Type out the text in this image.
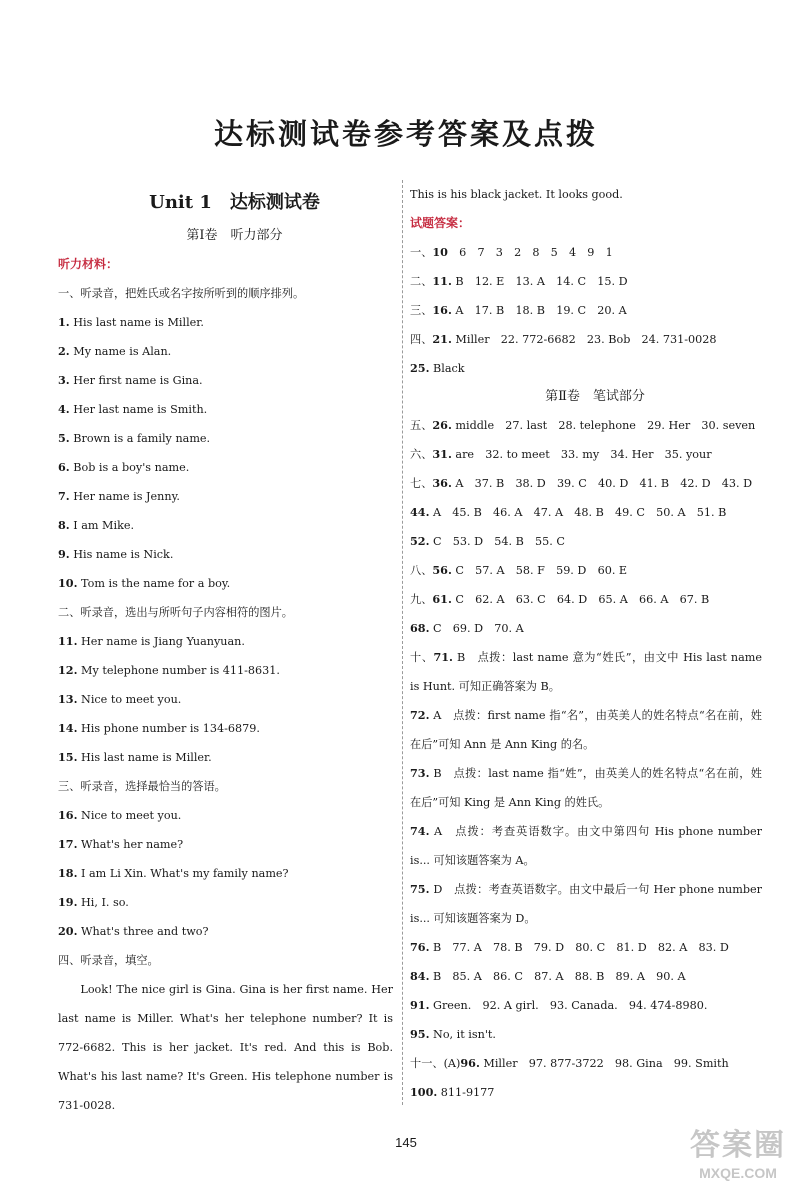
达标测试卷参考答案及点拨
Unit 1　达标测试卷
第Ⅰ卷　听力部分
听力材料：
一、听录音，把姓氏或名字按所听到的顺序排列。
1. His last name is Miller.
2. My name is Alan.
3. Her first name is Gina.
4. Her last name is Smith.
5. Brown is a family name.
6. Bob is a boy's name.
7. Her name is Jenny.
8. I am Mike.
9. His name is Nick.
10. Tom is the name for a boy.
二、听录音，选出与所听句子内容相符的图片。
11. Her name is Jiang Yuanyuan.
12. My telephone number is 411-8631.
13. Nice to meet you.
14. His phone number is 134-6879.
15. His last name is Miller.
三、听录音，选择最恰当的答语。
16. Nice to meet you.
17. What's her name?
18. I am Li Xin. What's my family name?
19. Hi, I. so.
20. What's three and two?
四、听录音，填空。
Look! The nice girl is Gina. Gina is her first name. Her last name is Miller. What's her telephone number? It is 772-6682. This is her jacket. It's red. And this is Bob. What's his last name? It's Green. His telephone number is 731-0028.
This is his black jacket. It looks good.
试题答案：
一、10　6　7　3　2　8　5　4　9　1
二、11. B　12. E　13. A　14. C　15. D
三、16. A　17. B　18. B　19. C　20. A
四、21. Miller　22. 772-6682　23. Bob　24. 731-0028
25. Black
第Ⅱ卷　笔试部分
五、26. middle　27. last　28. telephone　29. Her　30. seven
六、31. are　32. to meet　33. my　34. Her　35. your
七、36. A　37. B　38. D　39. C　40. D　41. B　42. D　43. D
44. A　45. B　46. A　47. A　48. B　49. C　50. A　51. B
52. C　53. D　54. B　55. C
八、56. C　57. A　58. F　59. D　60. E
九、61. C　62. A　63. C　64. D　65. A　66. A　67. B
68. C　69. D　70. A
十、71. B　点拨：last name 意为“姓氏”，由文中 His last name is Hunt. 可知正确答案为 B。
72. A　点拨：first name 指“名”，由英美人的姓名特点“名在前，姓在后”可知 Ann 是 Ann King 的名。
73. B　点拨：last name 指“姓”，由英美人的姓名特点“名在前，姓在后”可知 King 是 Ann King 的姓氏。
74. A　点拨：考查英语数字。由文中第四句 His phone number is... 可知该题答案为 A。
75. D　点拨：考查英语数字。由文中最后一句 Her phone number is... 可知该题答案为 D。
76. B　77. A　78. B　79. D　80. C　81. D　82. A　83. D
84. B　85. A　86. C　87. A　88. B　89. A　90. A
91. Green.　92. A girl.　93. Canada.　94. 474-8980.
95. No, it isn't.
十一、(A)96. Miller　97. 877-3722　98. Gina　99. Smith
100. 811-9177
145	答案圈
MXQE.COM
